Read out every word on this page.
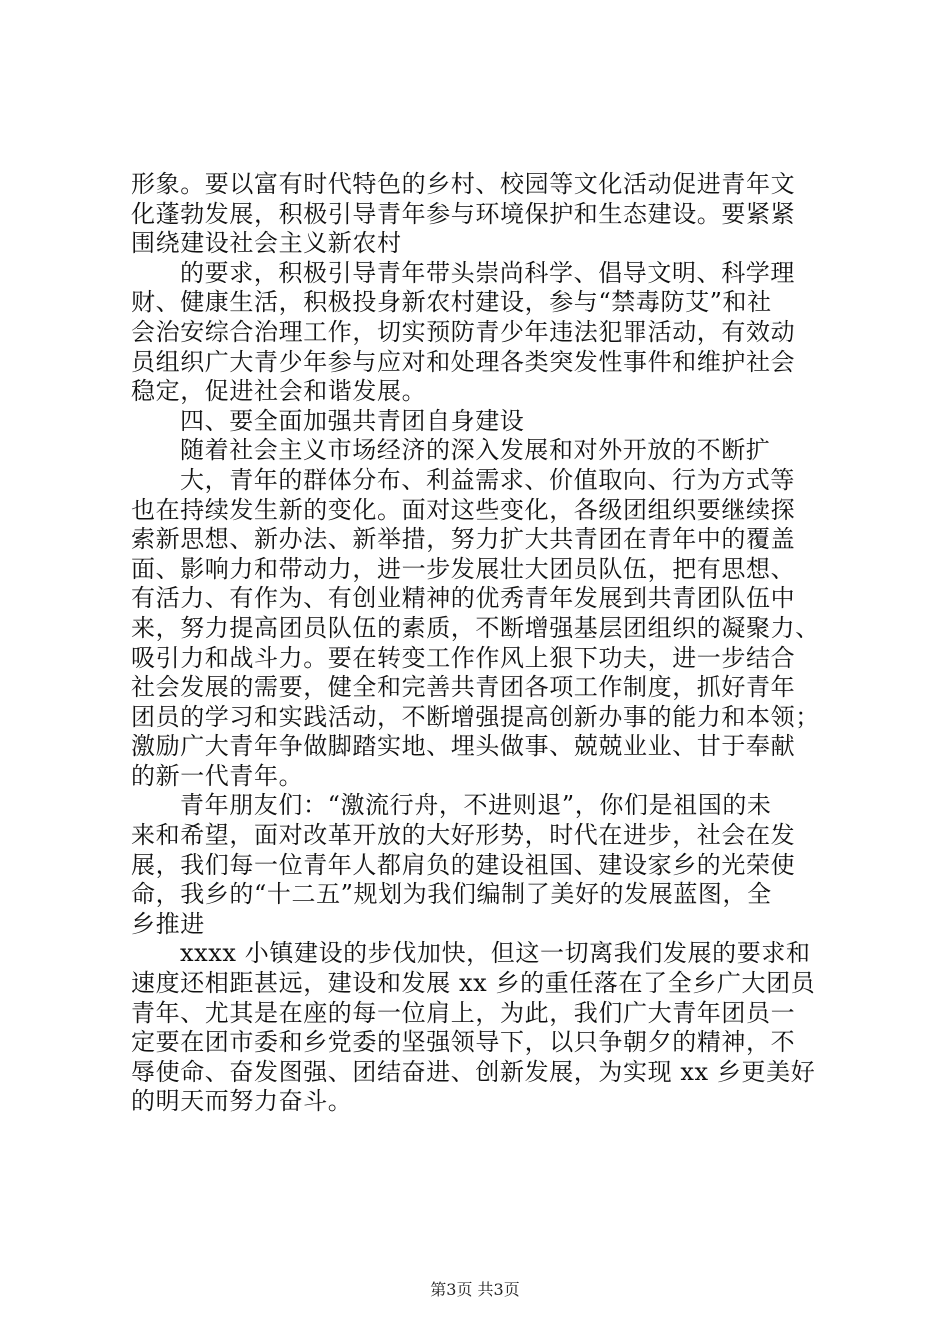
形象。要以富有时代特色的乡村、校园等文化活动促进青年文
化蓬勃发展，积极引导青年参与环境保护和生态建设。要紧紧
围绕建设社会主义新农村
的要求，积极引导青年带头崇尚科学、倡导文明、科学理
财、健康生活，积极投身新农村建设，参与“禁毒防艾”和社
会治安综合治理工作，切实预防青少年违法犯罪活动，有效动
员组织广大青少年参与应对和处理各类突发性事件和维护社会
稳定，促进社会和谐发展。
四、要全面加强共青团自身建设
随着社会主义市场经济的深入发展和对外开放的不断扩
大，青年的群体分布、利益需求、价值取向、行为方式等
也在持续发生新的变化。面对这些变化，各级团组织要继续探
索新思想、新办法、新举措，努力扩大共青团在青年中的覆盖
面、影响力和带动力，进一步发展壮大团员队伍，把有思想、
有活力、有作为、有创业精神的优秀青年发展到共青团队伍中
来，努力提高团员队伍的素质，不断增强基层团组织的凝聚力、
吸引力和战斗力。要在转变工作作风上狠下功夫，进一步结合
社会发展的需要，健全和完善共青团各项工作制度，抓好青年
团员的学习和实践活动，不断增强提高创新办事的能力和本领；
激励广大青年争做脚踏实地、埋头做事、兢兢业业、甘于奉献
的新一代青年。
青年朋友们：“激流行舟，不进则退”，你们是祖国的未
来和希望，面对改革开放的大好形势，时代在进步，社会在发
展，我们每一位青年人都肩负的建设祖国、建设家乡的光荣使
命，我乡的“十二五”规划为我们编制了美好的发展蓝图，全
乡推进
xxxx 小镇建设的步伐加快，但这一切离我们发展的要求和
速度还相距甚远，建设和发展 xx 乡的重任落在了全乡广大团员
青年、尤其是在座的每一位肩上，为此，我们广大青年团员一
定要在团市委和乡党委的坚强领导下，以只争朝夕的精神，不
辱使命、奋发图强、团结奋进、创新发展，为实现 xx 乡更美好
的明天而努力奋斗。
第3页 共3页
